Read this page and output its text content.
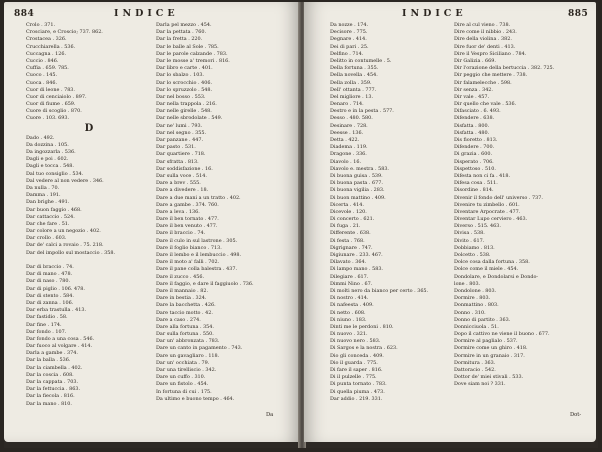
884	INDICE
Crolo . 371.
Crosciare, e Croscio; 737. 862.
Crostacea . 326.
Crucchiarella . 536.
Cuccagna . 126.
Cuccio . 846.
Cuffia . 659. 785.
Cuoco . 145.
Cuoca . 846.
Cuor di leone . 783.
Cuor di cenciaiolo . 897.
Cuor di fiume . 659.
Cuore di scoglio . 870.
Cuore . 103. 693.
D
Dado . 492.
Da dozzina . 105.
Da ingozzarla . 536.
Dagli e poi . 602.
Dagli e tocca . 548.
Dal tuo consiglio . 534.
Dal vedere al non vedere . 346.
Da nulla . 70.
Damma . 191.
Dan brighe . 491.
Dar buon faggio . 468.
Dar cattaccio . 524.
Dar che fare . 51.
Dar colore a un negozio . 402.
Dar crollo . 603.
Dar de' calci a rovaio . 75. 218.
Dar del impollo sul mostaccio . 358.
Dar di braccio . 74.
Dar di mano . 478.
Dar di naso . 780.
Dar di piglio . 106. 478.
Dar di stento . 584.
Dar di zanna . 106.
Dar erba trastulla . 413.
Dar fastidio . 58.
Dar fine . 174.
Dar fondo . 107.
Dar fondo a una cosa . 546.
Dar fuoco al volgare . 414.
Darla a gambe . 374.
Dar la balla . 536.
Dar la ciambella . 402.
Dar la coscia . 608.
Dar la cappata . 703.
Dar la fettuccia . 863.
Dar la fiecola . 816.
Dar la mano . 810.
Darla pel mezzo . 454.
Dar la pettata . 760.
Dar la fretta . 220.
Dar le balle al Sole . 785.
Dar le parole calzande . 783.
Dar le mosse a' tremori . 816.
Dar libro e carte . 401.
Dar lo sbalzo . 103.
Dar lo scrocchio . 406.
Dar lo spruzzolo . 548.
Dar nel bosso . 553.
Dar nella trappola . 216.
Dar nelle girelle . 548.
Dar nelle sbrodolate . 549.
Dar ne' lumi . 793.
Dar nel segno . 355.
Dar panzane . 447.
Dar pasto . 531.
Dar quartiere . 718.
Dar sfratta . 813.
Dar soddisfazione . 16.
Dar sulla voce . 514.
Dare a brev . 555.
Dare a divedere . 18.
Dare a due mani a un tratto . 402.
Dare a gambe . 374. 760.
Dare a leva . 136.
Dare il ben tornato . 477.
Dare il ben venuto . 477.
Dare il braccio . 74.
Dare il culo in sul lastrone . 305.
Dare il foglio bianco . 713.
Dare il lembo e il lembuccio . 498.
Dare il moto a' falli . 702.
Dare il pane colla balestra . 437.
Dare il zucco . 456.
Dare il faggio, e dare il faggiuolo . 736.
Dare il mannaio . 82.
Dare in bestia . 324.
Dare la bacchetta . 426.
Dare taccio motto . 42.
Dare a caso . 274.
Dare alla fortuna . 354.
Dar sulla fortuna . 550.
Dar un' abbronzata . 783.
Dare un canto in pagamento . 743.
Dare un gavagliaro . 118.
Dar un' occhiata . 79.
Dar una tirelliscio . 342.
Dare un cuffo . 310.
Dare un fistolo . 454.
In fortuna di cui . 175.
Da ultimo e buono tempo . 464.
Da
INDICE	885
Da nozze . 174.
Decisore . 775.
Degnare . 414.
Dei di pari . 25.
Delfino . 714.
Delitto in contumelle . 5.
Della fortuna . 355.
Della novella . 454.
Della zolla . 359.
Dell' ottanta . 777.
Del migliore . 13.
Denaro . 714.
Destro e in la pesta . 577.
Desso . 480. 580.
Desinare . 728.
Deesse . 136.
Detta . 422.
Diadema . 119.
Dragone . 336.
Diavolo . 16.
Diavolo e. mestra . 583.
Di buona guisa . 539.
Di buona pasta . 677.
Di buona vigilia . 283.
Di buon mattino . 409.
Dicerta . 414.
Dicevole . 120.
Di concerto . 621.
Di fuga . 21.
Differente . 638.
Di festa . 768.
Digrignare . 747.
Digiunare . 233. 467.
Dilavato . 364.
Di lampo mano . 583.
Dilegiare . 617.
Dimmi Nino . 67.
Di molti nero da bianco per certo . 365.
Di nostro . 414.
Di nafeesta . 409.
Di netto . 608.
Di niuno . 183.
Dinti me le perdoni . 810.
Di nuovo . 321.
Di nuovo nero . 583.
Di Sargos e la nostra . 623.
Dio gli conceda . 409.
Dio il guarda . 775.
Di fare il saper . 816.
Di il pulzelle . 775.
Di punta tornato . 783.
Di quella piuma . 473.
Dar addio . 219. 331.
Dire al cul vieno . 738.
Dire come il nibbio . 243.
Dire della violina . 382.
Dire fuor de' denti . 413.
Dire il Vespro Siciliano . 784.
Dir Galizia . 669.
Dir l'orazione della bertuccia . 382. 725.
Dir peggio che mettere . 738.
Dir falamelecche . 598.
Dir senza . 342.
Dir vale . 457.
Dir quello che vale . 536.
Difasciato . 6. 493.
Difendere . 638.
Disfatta . 800.
Disfatta . 480.
Dis fioretto . 813.
Difendere . 700.
Di grazia . 600.
Disperato . 706.
Dispettoso . 510.
Difesta non ci fa . 418.
Difesa cosa . 511.
Disordine . 814.
Divenir il fondo dell' universo . 737.
Divenire tu zimbello . 601.
Diventare Arpocrate . 477.
Diventar Lupo cerviero . 463.
Diverso . 515. 463.
Divisa . 538.
Divito . 617.
Dobbiamo . 813.
Dolcetto . 538.
Dolce cosa dalla fortuna . 358.
Dolce come il miele . 454.
Dondolare, e Dondolarsi e Dondo-
lone . 803.
Dondolone . 803.
Dormire . 803.
Donmattino . 803.
Donno . 310.
Donno di partito . 363.
Donnicciuola . 51.
Dopo il cattivo ne viene il buono . 677.
Dormire al paglialo . 537.
Dormire come un ghiro . 418.
Dormire in un granaio . 317.
Dormitura . 363.
Dattoracio . 542.
Dottor de' miei stivali . 533.
Dove siam noi ? 331.
Dot-
